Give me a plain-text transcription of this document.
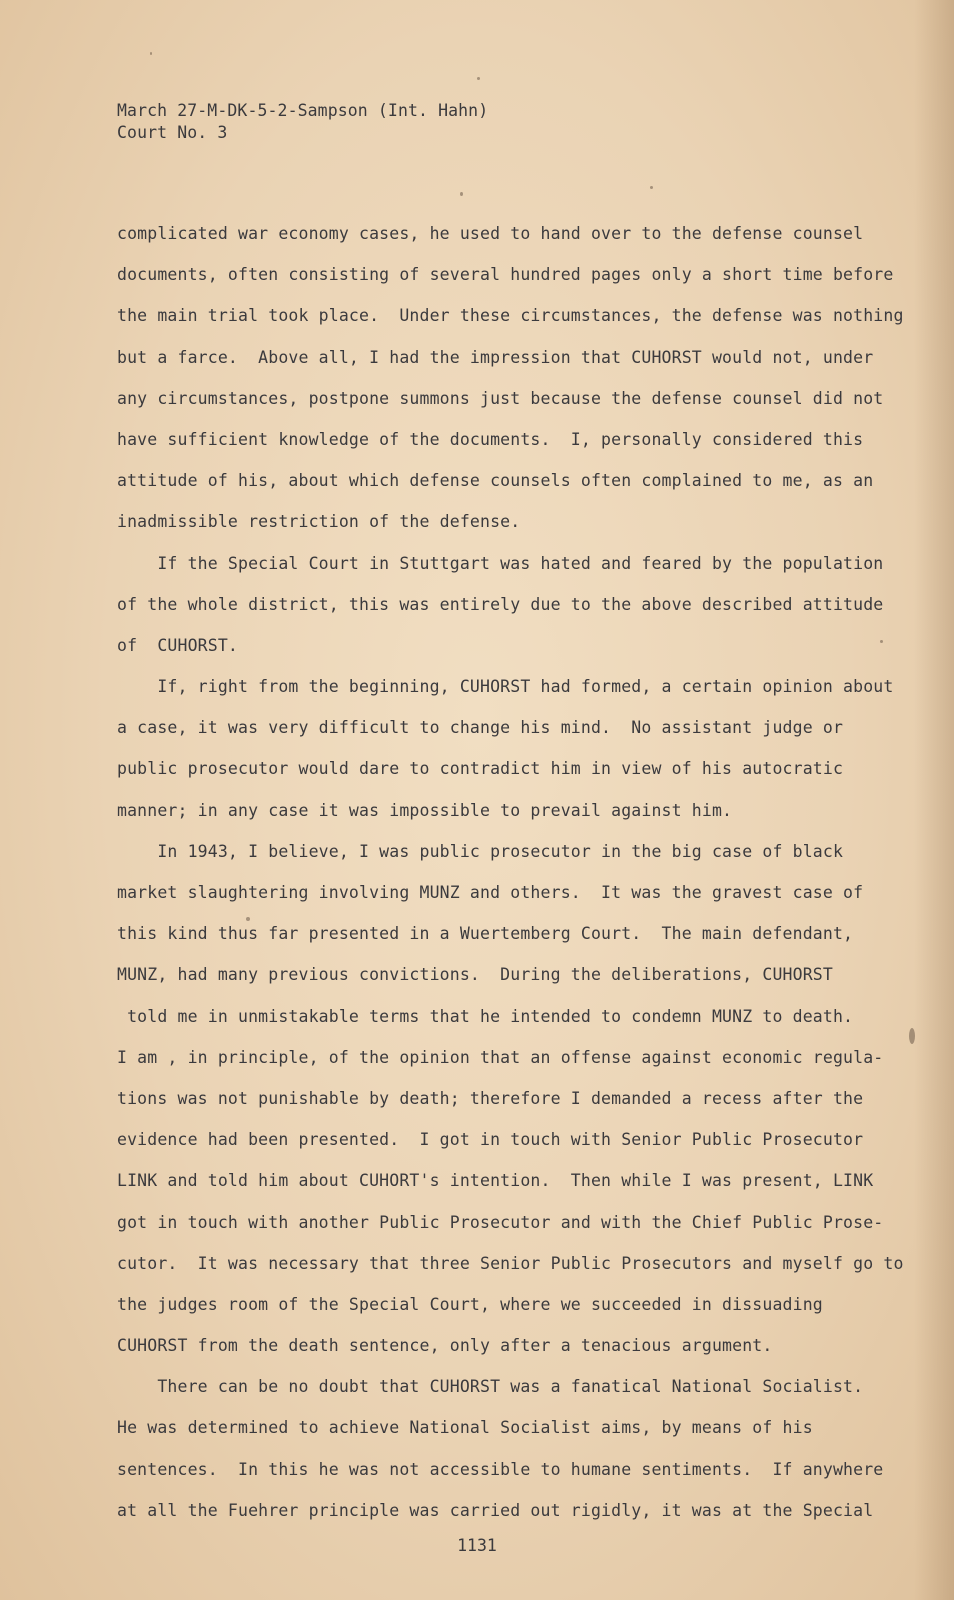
March 27-M-DK-5-2-Sampson (Int. Hahn)
Court No. 3
complicated war economy cases, he used to hand over to the defense counsel
documents, often consisting of several hundred pages only a short time before
the main trial took place.  Under these circumstances, the defense was nothing
but a farce.  Above all, I had the impression that CUHORST would not, under
any circumstances, postpone summons just because the defense counsel did not
have sufficient knowledge of the documents.  I, personally considered this
attitude of his, about which defense counsels often complained to me, as an
inadmissible restriction of the defense.
If the Special Court in Stuttgart was hated and feared by the population
of the whole district, this was entirely due to the above described attitude
of  CUHORST.
If, right from the beginning, CUHORST had formed, a certain opinion about
a case, it was very difficult to change his mind.  No assistant judge or
public prosecutor would dare to contradict him in view of his autocratic
manner; in any case it was impossible to prevail against him.
In 1943, I believe, I was public prosecutor in the big case of black
market slaughtering involving MUNZ and others.  It was the gravest case of
this kind thus far presented in a Wuertemberg Court.  The main defendant,
MUNZ, had many previous convictions.  During the deliberations, CUHORST
told me in unmistakable terms that he intended to condemn MUNZ to death.
I am , in principle, of the opinion that an offense against economic regula-
tions was not punishable by death; therefore I demanded a recess after the
evidence had been presented.  I got in touch with Senior Public Prosecutor
LINK and told him about CUHORT's intention.  Then while I was present, LINK
got in touch with another Public Prosecutor and with the Chief Public Prose-
cutor.  It was necessary that three Senior Public Prosecutors and myself go to
the judges room of the Special Court, where we succeeded in dissuading
CUHORST from the death sentence, only after a tenacious argument.
There can be no doubt that CUHORST was a fanatical National Socialist.
He was determined to achieve National Socialist aims, by means of his
sentences.  In this he was not accessible to humane sentiments.  If anywhere
at all the Fuehrer principle was carried out rigidly, it was at the Special
1131
